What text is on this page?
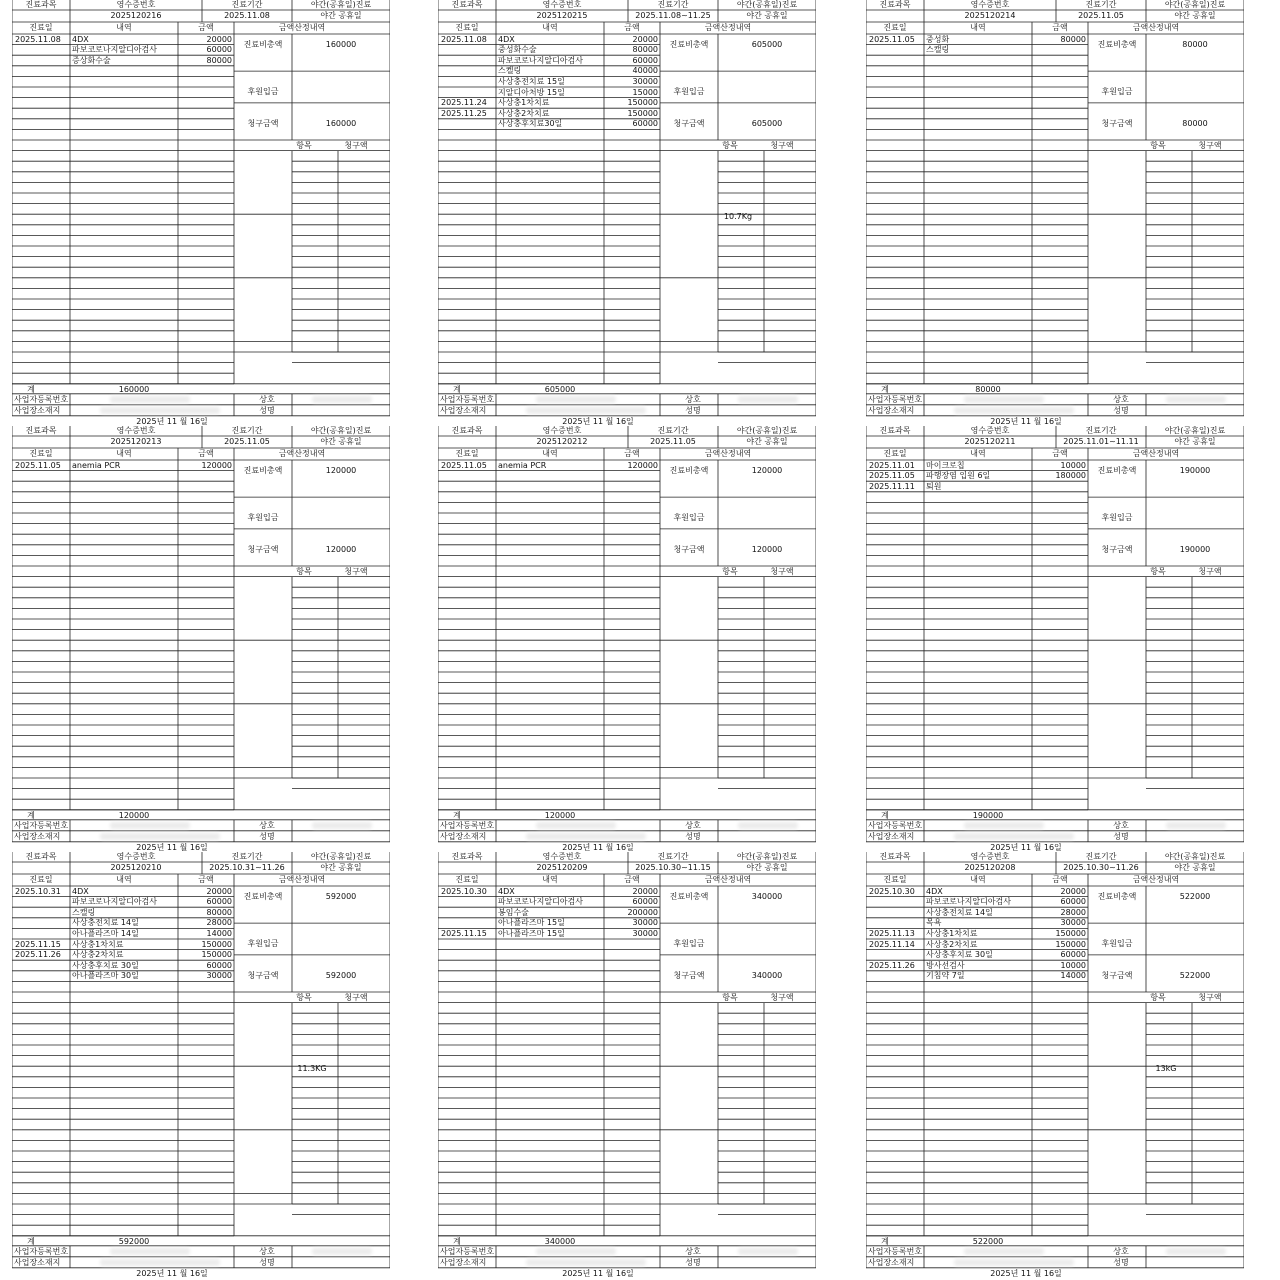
진료과목	영수증번호	진료기간	야간(공휴일)진료
2025120216	2025.11.08	야간 공휴일
진료일	내역	금액	금액산정내역
2025.11.08 4DX	20000
파보코로나지알디아검사	60000
증상화수술	80000
진료비총액	160000
후원입금
청구금액	160000
항목	청구액
계	160000
사업자등록번호
사업장소재지
상호
성명
2025년 11 월 16일
진료과목	영수증번호	진료기간	야간(공휴일)진료
2025120215	2025.11.08~11.25	야간 공휴일
진료일	내역	금액	금액산정내역
2025.11.08 4DX	20000
중성화수술	80000
파보코로나지알디아검사	60000
스켈링	40000
사상충전치료 15일	30000
지알디아처방 15일	15000
2025.11.24 사상충1차치료	150000
2025.11.25 사상충2차치료	150000
사상충후치료30일	60000
진료비총액	605000
후원입금
청구금액	605000
항목	청구액
10.7Kg
계	605000
사업자등록번호
사업장소재지
상호
성명
2025년 11 월 16일
진료과목	영수증번호	진료기간	야간(공휴일)진료
2025120214	2025.11.05	야간 공휴일
진료일	내역	금액	금액산정내역
2025.11.05 중성화	80000
스캘링
진료비총액	80000
후원입금
청구금액	80000
항목	청구액
계	80000
사업자등록번호
사업장소재지
상호
성명
2025년 11 월 16일
진료과목	영수증번호	진료기간	야간(공휴일)진료
2025120213	2025.11.05	야간 공휴일
진료일	내역	금액	금액산정내역
2025.11.05 anemia PCR	120000
진료비총액	120000
후원입금
청구금액	120000
항목	청구액
계	120000
사업자등록번호
사업장소재지
상호
성명
2025년 11 월 16일
진료과목	영수증번호	진료기간	야간(공휴일)진료
2025120212	2025.11.05	야간 공휴일
진료일	내역	금액	금액산정내역
2025.11.05 anemia PCR	120000
진료비총액	120000
후원입금
청구금액	120000
항목	청구액
계	120000
사업자등록번호
사업장소재지
상호
성명
2025년 11 월 16일
진료과목	영수증번호	진료기간	야간(공휴일)진료
2025120211	2025.11.01~11.11	야간 공휴일
진료일	내역	금액	금액산정내역
2025.11.01 마이크로칩	10000
2025.11.05 파행장염 입원 6일	180000
2025.11.11 퇴원
진료비총액	190000
후원입금
청구금액	190000
항목	청구액
계	190000
사업자등록번호
사업장소재지
상호
성명
2025년 11 월 16일
진료과목	영수증번호	진료기간	야간(공휴일)진료
2025120210	2025.10.31~11.26	야간 공휴일
진료일	내역	금액	금액산정내역
2025.10.31 4DX	20000
파보코로나지알디아검사	60000
스캘링	80000
사상충전치료 14일	28000
아나플라즈마 14일	14000
2025.11.15 사상충1차치료	150000
2025.11.26 사상충2차치료	150000
사상충후치료 30일	60000
아나플라즈마 30일	30000
진료비총액	592000
후원입금
청구금액	592000
항목	청구액
11.3KG
계	592000
사업자등록번호
사업장소재지
상호
성명
2025년 11 월 16일
진료과목	영수증번호	진료기간	야간(공휴일)진료
2025120209	2025.10.30~11.15	야간 공휴일
진료일	내역	금액	금액산정내역
2025.10.30 4DX	20000
파보코로나지알디아검사	60000
봉임수술	200000
아나플라즈마 15일	30000
2025.11.15 아나플라즈마 15일	30000
진료비총액	340000
후원입금
청구금액	340000
항목	청구액
계	340000
사업자등록번호
사업장소재지
상호
성명
2025년 11 월 16일
진료과목	영수증번호	진료기간	야간(공휴일)진료
2025120208	2025.10.30~11.26	야간 공휴일
진료일	내역	금액	금액산정내역
2025.10.30 4DX	20000
파보코로나지알디아검사	60000
사상충전치료 14일	28000
목욕	30000
2025.11.13 사상충1차치료	150000
2025.11.14 사상충2차치료	150000
사상충후치료 30일	60000
2025.11.26 방사선검사	10000
기침약 7일	14000
진료비총액	522000
후원입금
청구금액	522000
항목	청구액
13kG
계	522000
사업자등록번호
사업장소재지
상호
성명
2025년 11 월 16일
